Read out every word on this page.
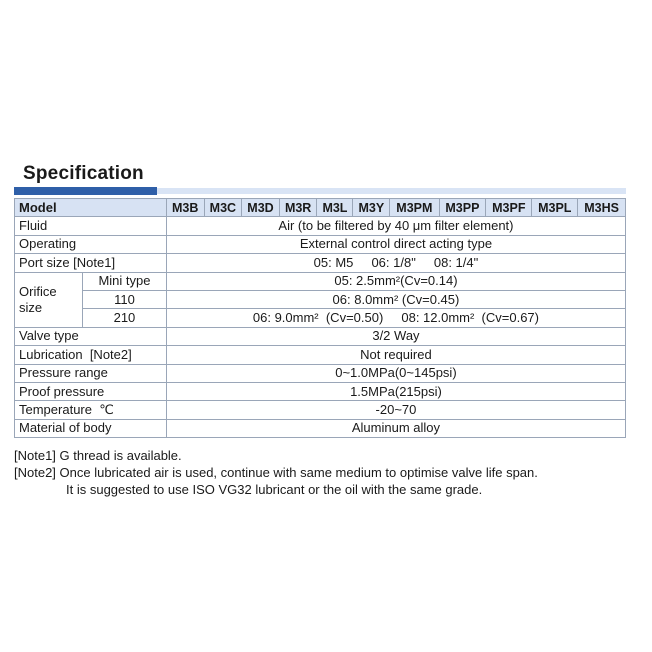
Specification
Model		M3B	M3C	M3D	M3R	M3L	M3Y	M3PM	M3PP	M3PF	M3PL	M3HS
Fluid		Air (to be filtered by 40 μm filter element)										
Operating		External control direct acting type										
Port size [Note1]		05: M5     06: 1/8"     08: 1/4"										

Orifice
size	Mini type	05: 2.5mm²(Cv=0.14)										
	110	06: 8.0mm² (Cv=0.45)										
	210	06: 9.0mm²  (Cv=0.50)     08: 12.0mm²  (Cv=0.67)										
Valve type		3/2 Way										
Lubrication  [Note2]		Not required										
Pressure range		0~1.0MPa(0~145psi)										
Proof pressure		1.5MPa(215psi)										
Temperature  ℃		-20~70										
Material of body		Aluminum alloy										
[Note1] G thread is available.
[Note2] Once lubricated air is used, continue with same medium to optimise valve life span.
It is suggested to use ISO VG32 lubricant or the oil with the same grade.
